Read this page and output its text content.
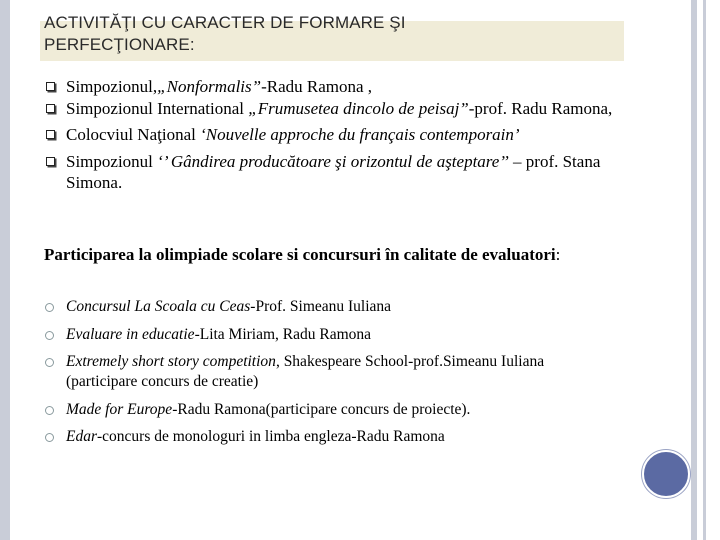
ACTIVITĂŢI CU CARACTER DE FORMARE ŞI
PERFECŢIONARE:
Simpozionul,„Nonformalis”-Radu Ramona ,
Simpozionul International „Frumusetea dincolo de peisaj”-prof. Radu Ramona,
Colocviul Naţional ‘Nouvelle approche du français contemporain’
Simpozionul ‘’ Gândirea producătoare şi orizontul de aşteptare’’ – prof. Stana Simona.

Participarea la olimpiade scolare si concursuri în calitate de evaluatori:

Concursul La Scoala cu Ceas-Prof. Simeanu Iuliana
Evaluare in educatie-Lita Miriam, Radu Ramona
Extremely short story competition, Shakespeare School-prof.Simeanu Iuliana (participare concurs de creatie)
Made for Europe-Radu Ramona(participare concurs de proiecte).
Edar-concurs de monologuri in limba engleza-Radu Ramona
